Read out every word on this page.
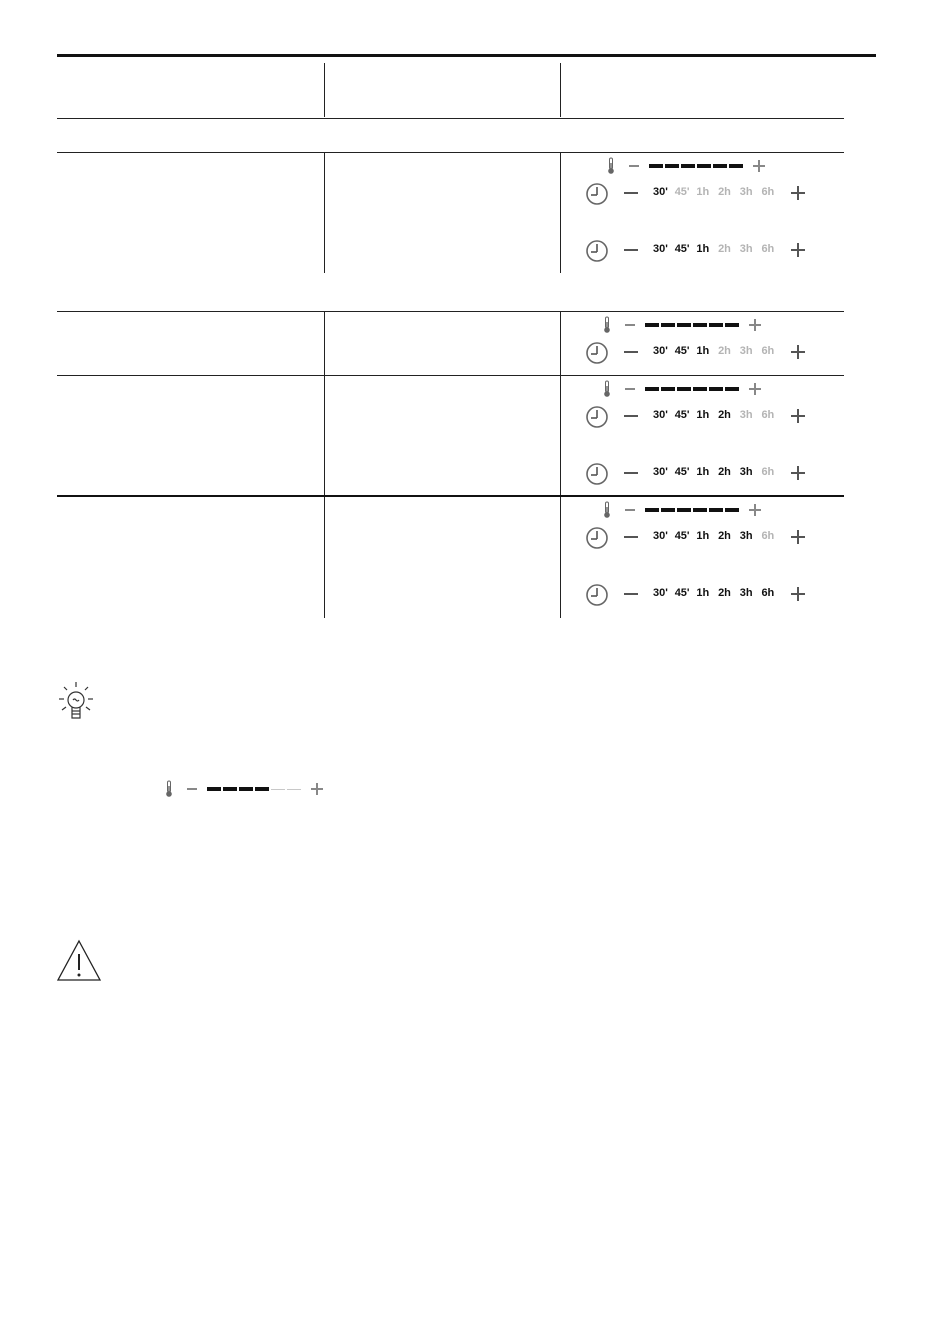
30' 45' 1h 2h 3h 6h
30' 45' 1h 2h 3h 6h
30' 45' 1h 2h 3h 6h
30' 45' 1h 2h 3h 6h
30' 45' 1h 2h 3h 6h
30' 45' 1h 2h 3h 6h
30' 45' 1h 2h 3h 6h
